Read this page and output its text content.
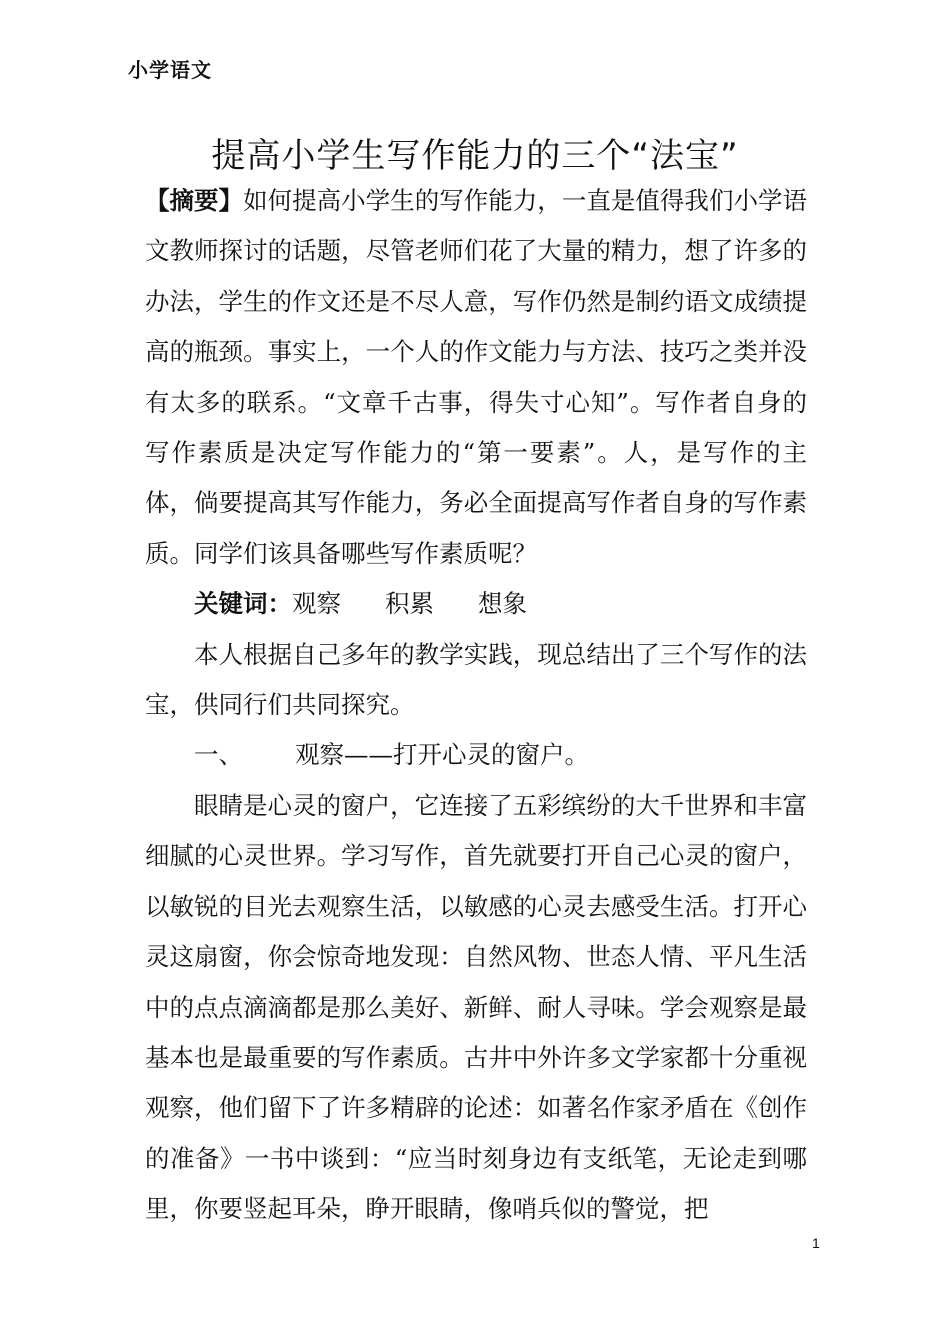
小学语文
提高小学生写作能力的三个“法宝”

【摘要】如何提高小学生的写作能力，一直是值得我们小学语文教师探讨的话题，尽管老师们花了大量的精力，想了许多的办法，学生的作文还是不尽人意，写作仍然是制约语文成绩提高的瓶颈。事实上，一个人的作文能力与方法、技巧之类并没有太多的联系。“文章千古事，得失寸心知”。写作者自身的写作素质是决定写作能力的“第一要素”。人，是写作的主体，倘要提高其写作能力，务必全面提高写作者自身的写作素质。同学们该具备哪些写作素质呢？

关键词：观察 积累 想象

本人根据自己多年的教学实践，现总结出了三个写作的法宝，供同行们共同探究。

一、 观察——打开心灵的窗户。

眼睛是心灵的窗户，它连接了五彩缤纷的大千世界和丰富细腻的心灵世界。学习写作，首先就要打开自己心灵的窗户，以敏锐的目光去观察生活，以敏感的心灵去感受生活。打开心灵这扇窗，你会惊奇地发现：自然风物、世态人情、平凡生活中的点点滴滴都是那么美好、新鲜、耐人寻味。学会观察是最基本也是最重要的写作素质。古井中外许多文学家都十分重视观察，他们留下了许多精辟的论述：如著名作家矛盾在《创作的准备》一书中谈到：“应当时刻身边有支纸笔，无论走到哪里，你要竖起耳朵，睁开眼睛，像哨兵似的警觉，把

1
